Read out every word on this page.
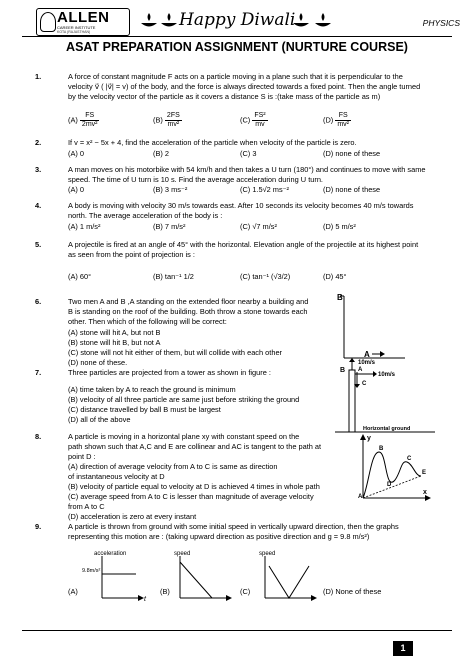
ALLEN
CAREER INSTITUTE
KOTA (RAJASTHAN)
Happy Diwali	PHYSICS
ASAT PREPARATION ASSIGNMENT (NURTURE COURSE)
1.	A force of constant magnitude F acts on a particle moving in a plane such that it is perpendicular to the
velocity v⃗ ( |v⃗| = v) of the body, and the force is always directed towards a fixed point. Then the angle turned
by the velocity vector of the particle as it covers a distance S is :(take mass of the particle as m)
$(A) \frac{FS}{\text{2mv²}}$	$(B) \frac{2FS}{\text{mv²}}$	$(C) \frac{\text{FS²}}{mv}$	$(D) \frac{FS}{\text{mv²}}$
2.	If v = x² − 5x + 4, find the acceleration of the particle when velocity of the particle is zero.
(A) 0	(B) 2	(C) 3	(D) none of these
3.	A man moves on his motorbike with 54 km/h and then takes a U turn (180°) and continues to move with same
speed. The time of U turn is 10 s. Find the average acceleration during U turn.
(A) 0	(B) 3 ms⁻²	(C) 1.5√2 ms⁻²	(D) none of these
4.	A body is moving with velocity 30 m/s towards east. After 10 seconds its velocity becomes 40 m/s towards
north. The average acceleration of the body is :
(A) 1 m/s²	(B) 7 m/s²	(C) √7 m/s²	(D) 5 m/s²
5.	A projectile is fired at an angle of 45° with the horizontal. Elevation angle of the projectile at its highest point
as seen from the point of projection is :
(A) 60°	(B) tan⁻¹ 1/2	(C) tan⁻¹ (√3/2)	(D) 45°
6.	Two men A and B ,A standing on the extended floor nearby a building and
B is standing on the roof of the building. Both throw a stone towards each
other. Then which of the following will be correct:
(A) stone will hit A, but not B
(B) stone will hit B, but not A
(C) stone will not hit either of them, but will collide with each other
(D) none of these.
B
A
7.	Three particles are projected from a tower as shown in figure :
(A) time taken by A to reach the ground is minimum
(B) velocity of all three particle are same just before striking the ground
(C) distance travelled by ball B must be largest
(D) all of the above
B
10m/s
10m/s
A
C
Horizontal ground
8.	A particle is moving in a horizontal plane xy with constant speed on the
path shown such that A,C and E are collinear and AC is tangent to the path at
point D :
(A) direction of average velocity from A to C is same as direction
of instantaneous velocity at D
(B) velocity of particle equal to velocity at D is achieved 4 times in whole path
(C) average speed from A to C is lesser than magnitude of average velocity
from A to C
(D) acceleration is zero at every instant
y
x
A
B
D
C
E
9.	A particle is thrown from ground with some initial speed in vertically upward direction, then the graphs
representing this motion are : (taking upward direction as positive direction and g = 9.8 m/s²)
(A)	(B)	(C)	(D) None of these
acceleration
t
9.8m/s²
speed	speed
1
